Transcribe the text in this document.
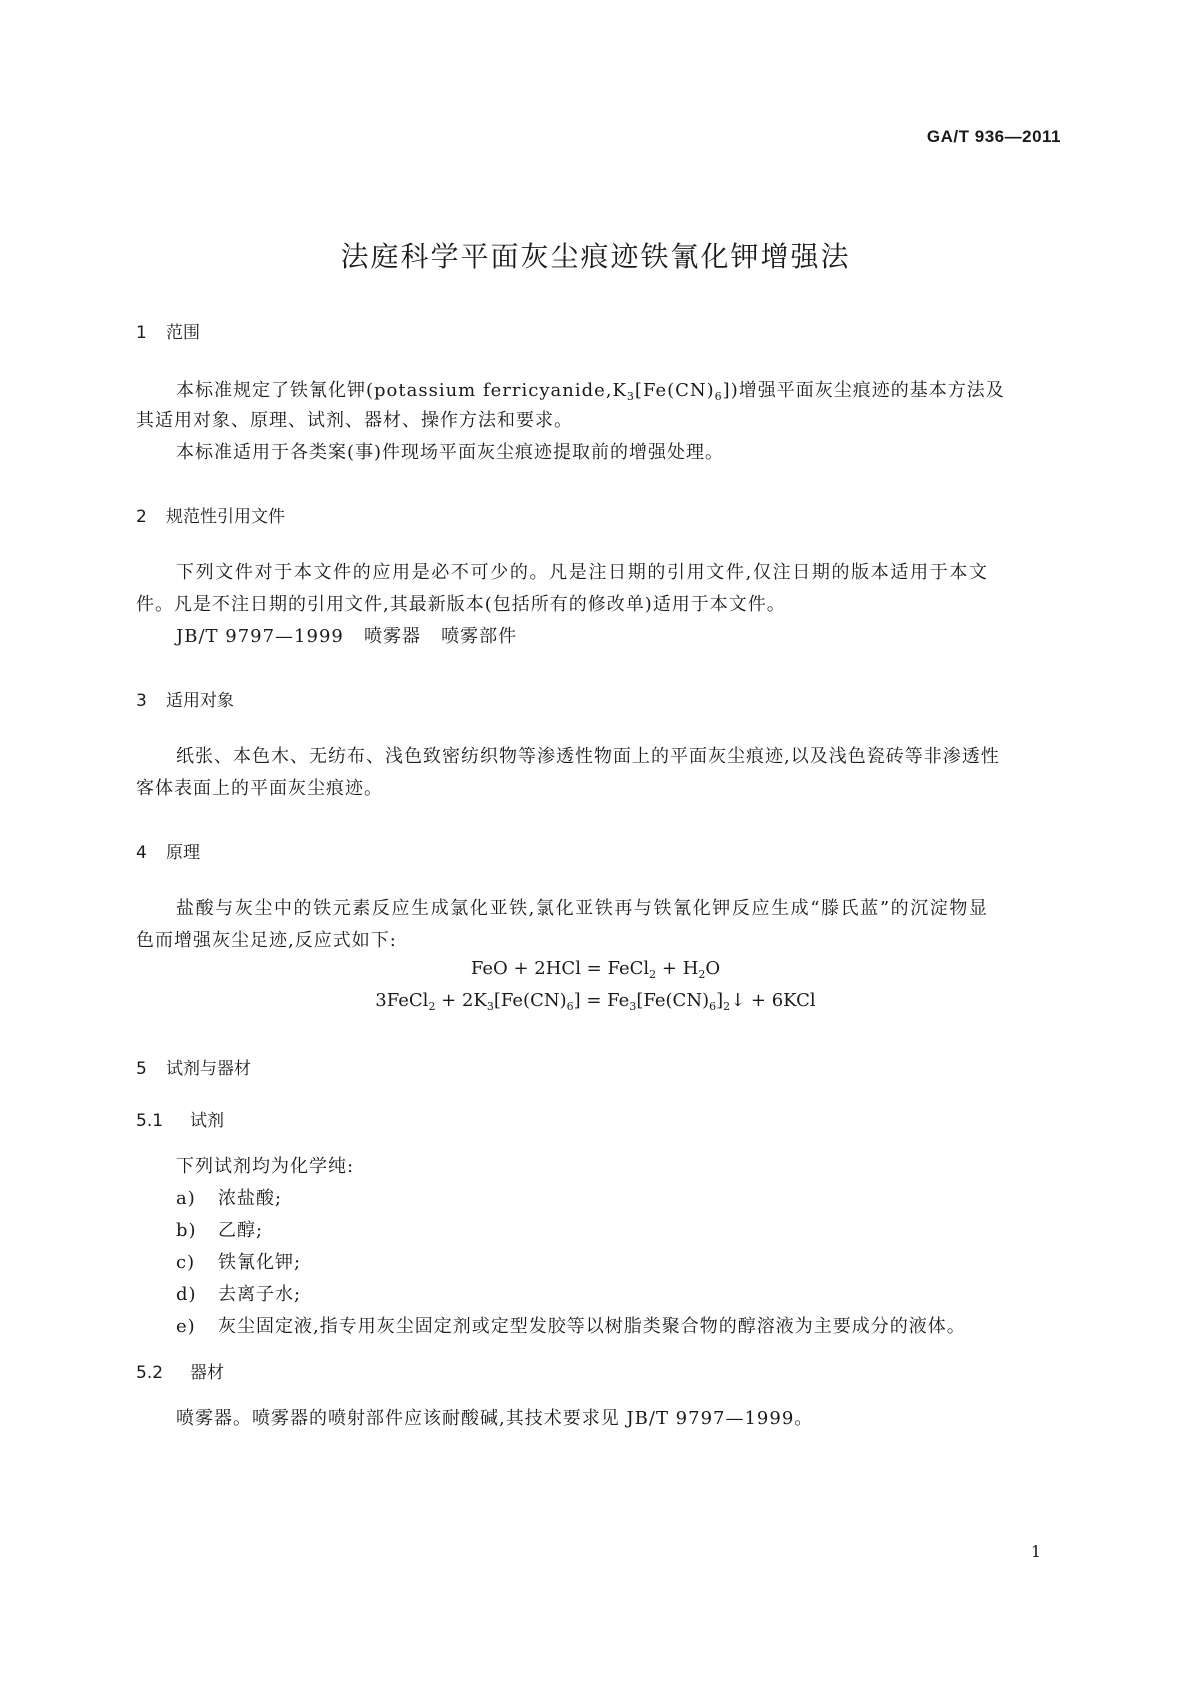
GA/T 936—2011
法庭科学平面灰尘痕迹铁氰化钾增强法
1 范围
本标准规定了铁氰化钾(potassium $ferricyanide,K_3[Fe(CN)_6]$)增强平面灰尘痕迹的基本方法及
其适用对象、原理、试剂、器材、操作方法和要求。
本标准适用于各类案(事)件现场平面灰尘痕迹提取前的增强处理。
2 规范性引用文件
下列文件对于本文件的应用是必不可少的。凡是注日期的引用文件,仅注日期的版本适用于本文
件。凡是不注日期的引用文件,其最新版本(包括所有的修改单)适用于本文件。
JB/T 9797—1999   喷雾器   喷雾部件
3 适用对象
纸张、本色木、无纺布、浅色致密纺织物等渗透性物面上的平面灰尘痕迹,以及浅色瓷砖等非渗透性
客体表面上的平面灰尘痕迹。
4 原理
盐酸与灰尘中的铁元素反应生成氯化亚铁,氯化亚铁再与铁氰化钾反应生成“滕氏蓝”的沉淀物显
色而增强灰尘足迹,反应式如下:
FeO + 2HCl = FeCl$_2$ + $H_2O$
3FeCl$_2$ + $2K_3[Fe(CN)_6]$ = $Fe_3[Fe(CN)_6]_2↓ + 6KCl$
5 试剂与器材
5.1 试剂
下列试剂均为化学纯:
a) 浓盐酸;
b) 乙醇;
c) 铁氰化钾;
d) 去离子水;
e) 灰尘固定液,指专用灰尘固定剂或定型发胶等以树脂类聚合物的醇溶液为主要成分的液体。
5.2 器材
喷雾器。喷雾器的喷射部件应该耐酸碱,其技术要求见 JB/T 9797—1999。
1
